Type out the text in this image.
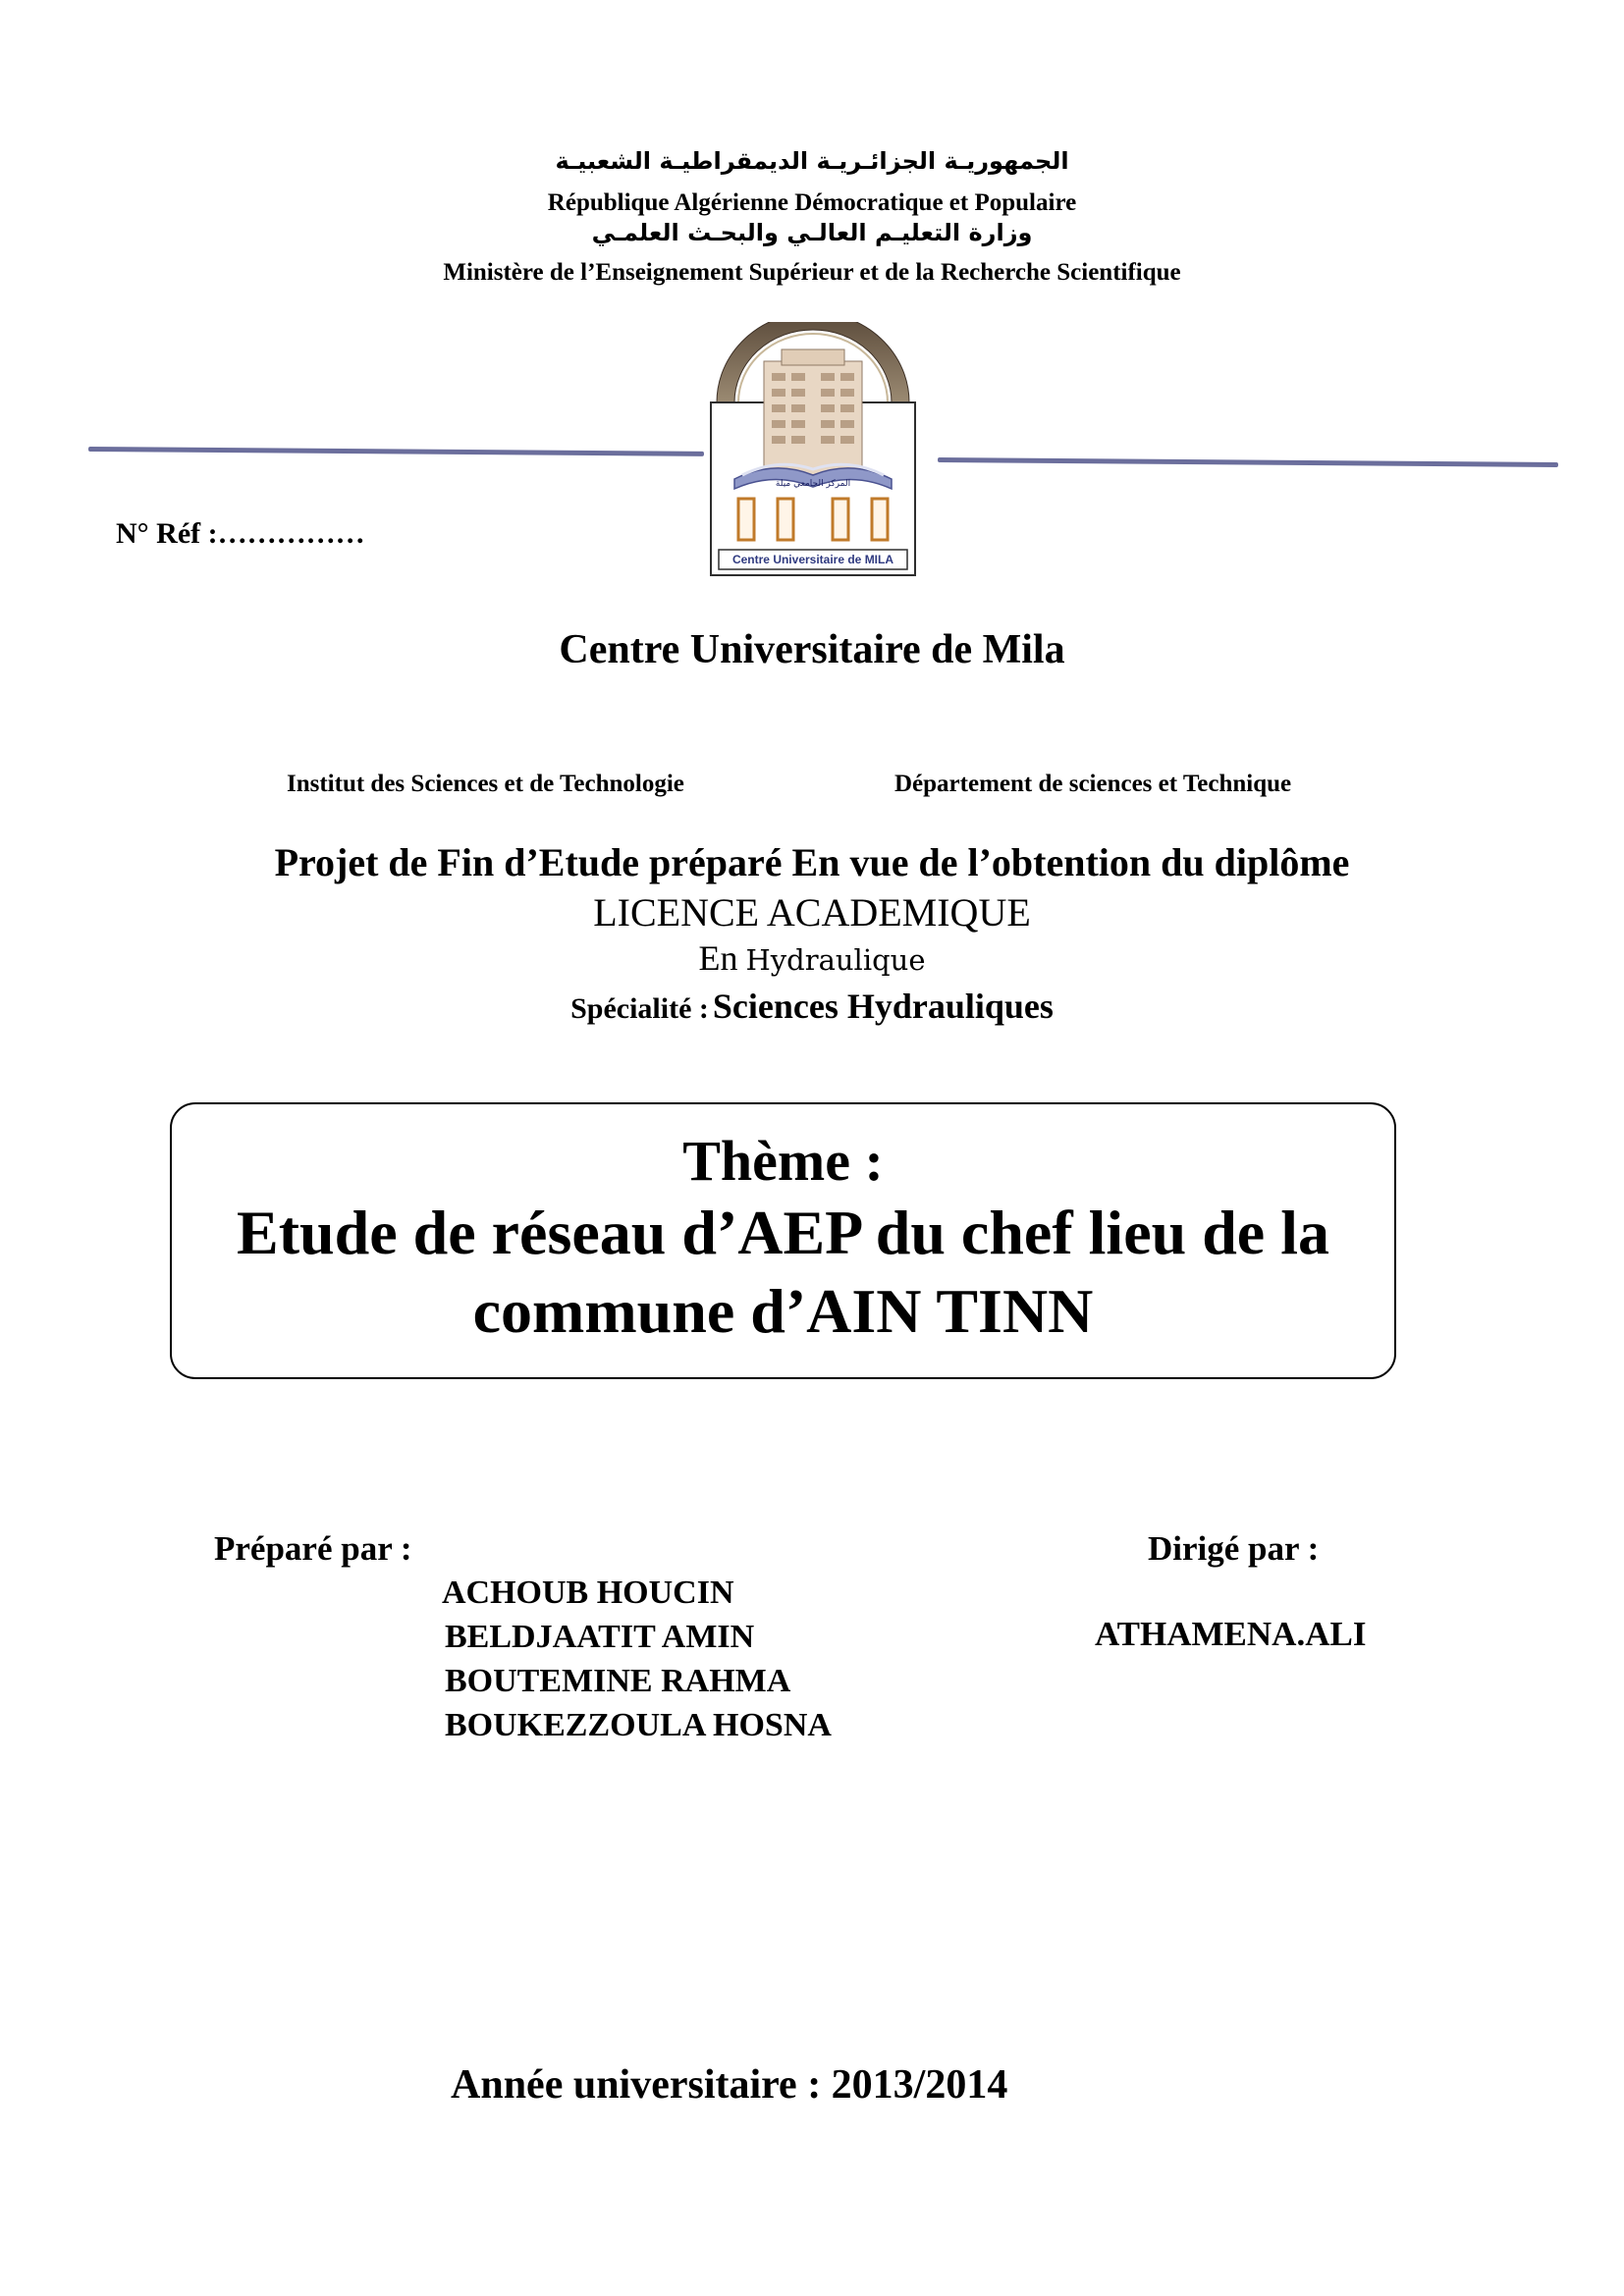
الجمهوريـة الجزائـريـة الديمقراطيـة الشعبيـة
République Algérienne Démocratique et Populaire
وزارة التعليـم العالـي والبحـث العلمـي
Ministère de l’Enseignement Supérieur et de la Recherche Scientifique
المركز الجامعي ميلة
Centre Universitaire de MILA
N° Réf :……………
Centre Universitaire de Mila
Institut des Sciences et de Technologie	Département de sciences et Technique
Projet de Fin d’Etude préparé En vue de l’obtention du diplôme
LICENCE ACADEMIQUE
En Hydraulique
Spécialité : Sciences Hydrauliques
Thème :
Etude de réseau d’AEP du chef lieu de la
commune d’AIN TINN
Préparé par :
ACHOUB HOUCIN
BELDJAATIT AMIN
BOUTEMINE RAHMA
BOUKEZZOULA HOSNA
Dirigé par :
ATHAMENA.ALI
Année universitaire : 2013/2014
